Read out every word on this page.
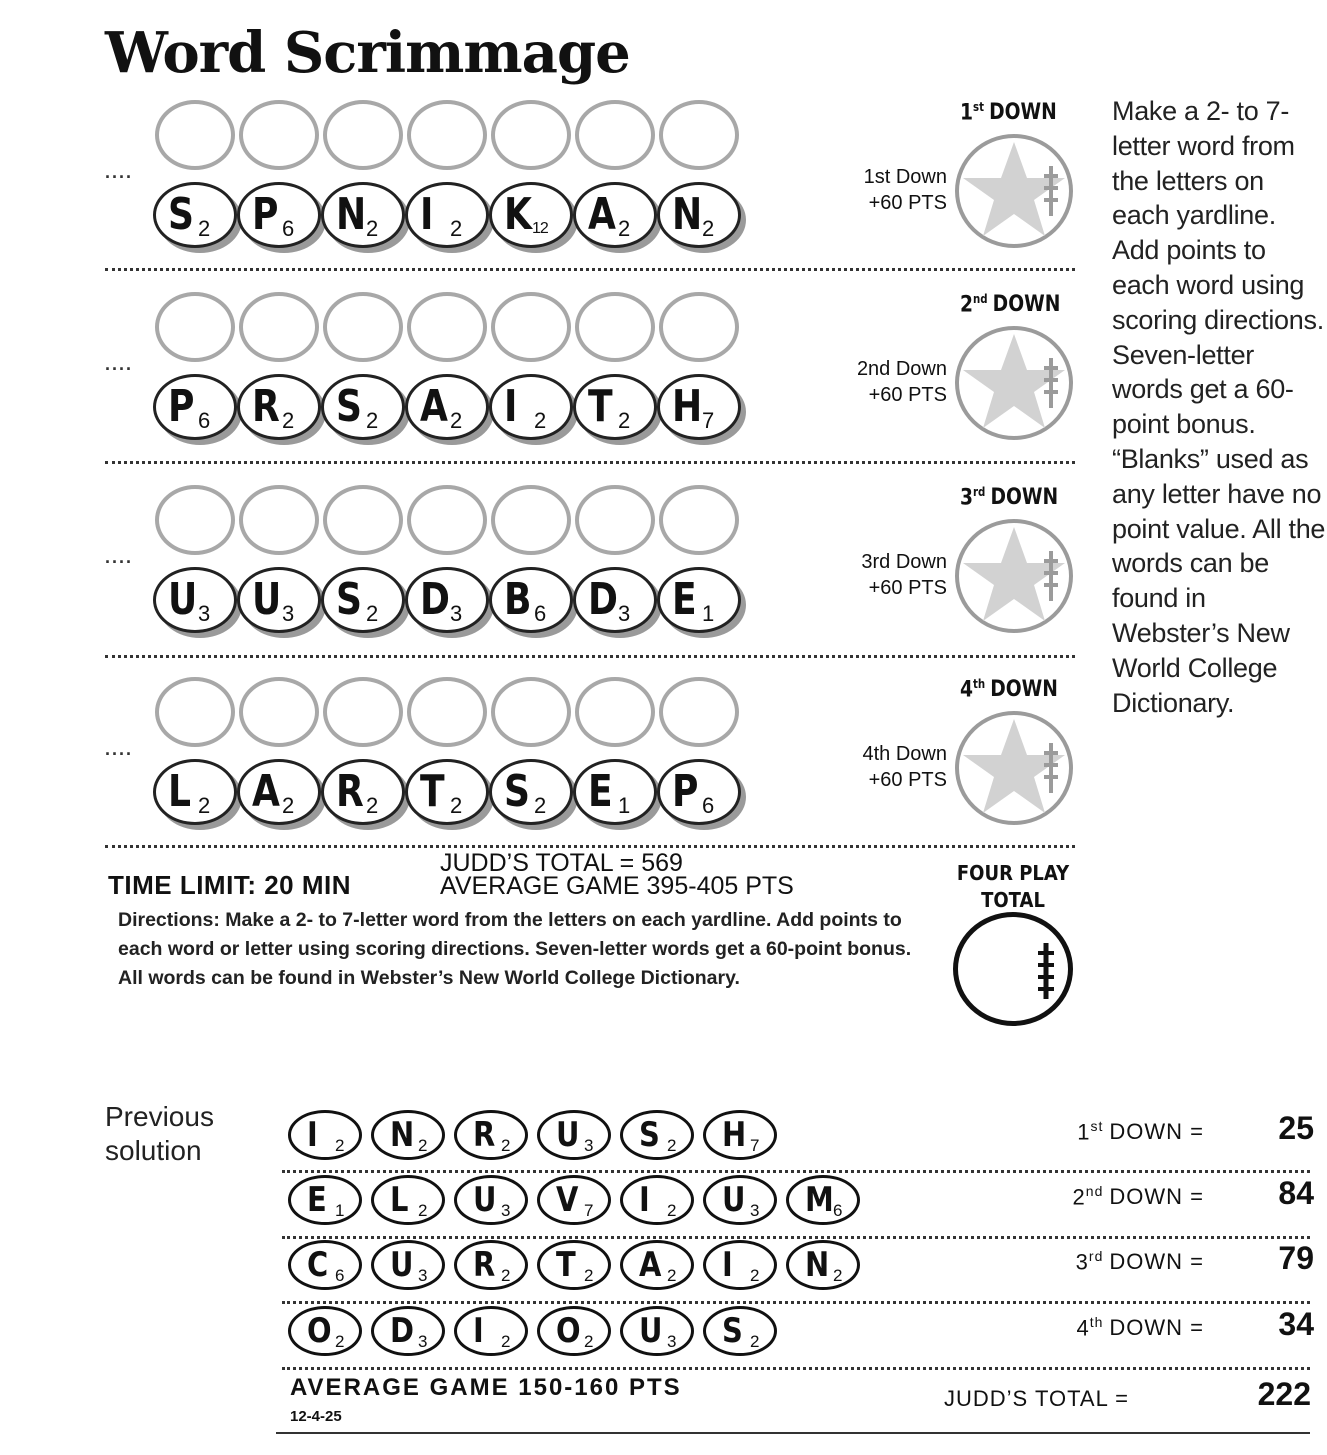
Word Scrimmage
....
S 2 P 6 N 2 I 2 K 12 A 2 N 2
1st DOWN
1st Down
+60 PTS
....
P 6 R 2 S 2 A 2 I 2 T 2 H 7
2nd DOWN
2nd Down
+60 PTS
....
U 3 U 3 S 2 D 3 B 6 D 3 E 1
3rd DOWN
3rd Down
+60 PTS
....
L 2 A 2 R 2 T 2 S 2 E 1 P 6
4th DOWN
4th Down
+60 PTS
Make a 2- to 7-letter word from the letters on each yardline. Add points to each word using scoring directions. Seven-letter words get a 60-point bonus. “Blanks” used as any letter have no point value. All the words can be found in Webster’s New World College Dictionary.
TIME LIMIT: 20 MIN
JUDD’S TOTAL = 569
AVERAGE GAME 395-405 PTS
Directions: Make a 2- to 7-letter word from the letters on each yardline. Add points to each word or letter using scoring directions. Seven-letter words get a 60-point bonus. All words can be found in Webster’s New World College Dictionary.
FOUR PLAY
TOTAL
Previous
solution	I 2 N 2 R 2 U 3 S 2 H 7
1st DOWN =	25
E 1 L 2 U 3 V 7 I 2 U 3 M 6
2nd DOWN =	84
C 6 U 3 R 2 T 2 A 2 I 2 N 2
3rd DOWN =	79
O 2 D 3 I 2 O 2 U 3 S 2
4th DOWN =	34
AVERAGE GAME 150-160 PTS
12-4-25
JUDD’S TOTAL =	222
